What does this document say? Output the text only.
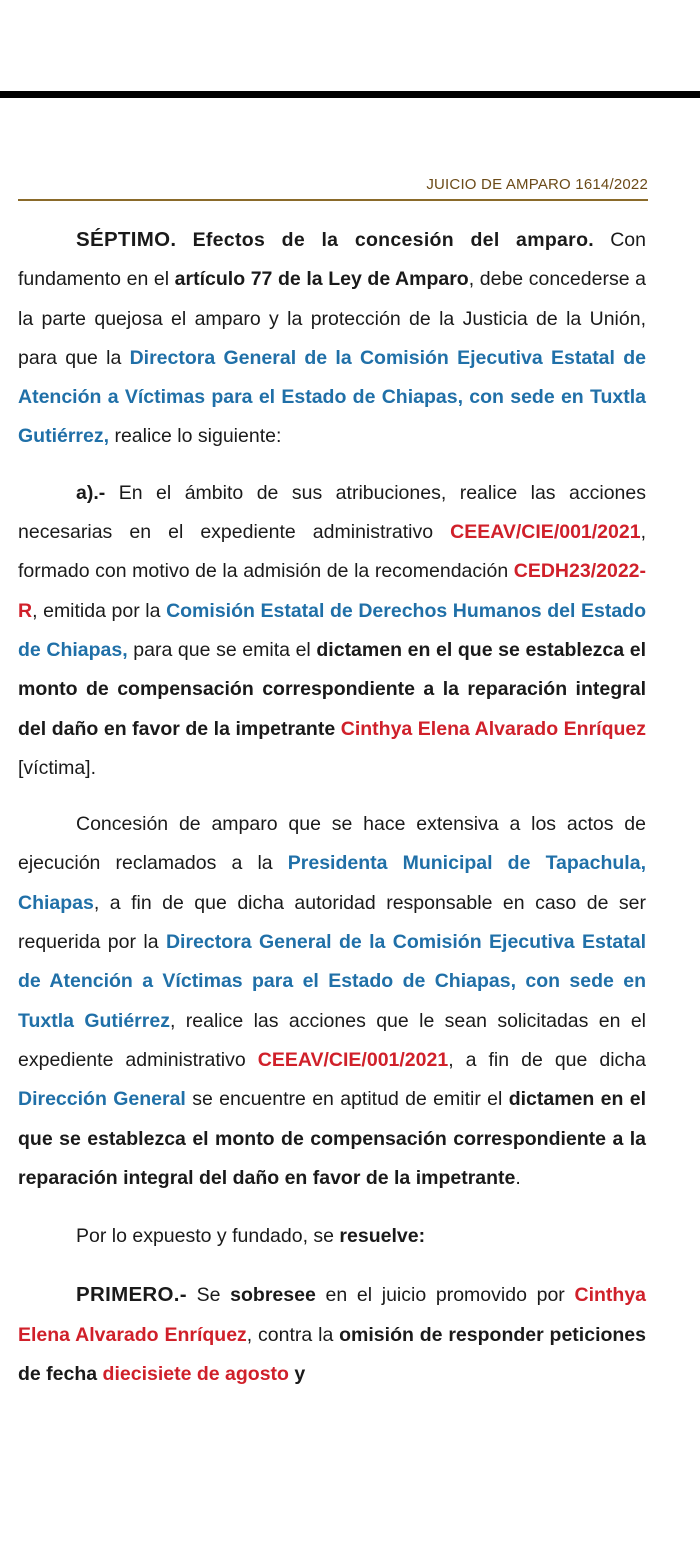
JUICIO DE AMPARO 1614/2022

SÉPTIMO. Efectos de la concesión del amparo. Con fundamento en el artículo 77 de la Ley de Amparo, debe concederse a la parte quejosa el amparo y la protección de la Justicia de la Unión, para que la Directora General de la Comisión Ejecutiva Estatal de Atención a Víctimas para el Estado de Chiapas, con sede en Tuxtla Gutiérrez, realice lo siguiente:

a).- En el ámbito de sus atribuciones, realice las acciones necesarias en el expediente administrativo CEEAV/CIE/001/2021, formado con motivo de la admisión de la recomendación CEDH23/2022-R, emitida por la Comisión Estatal de Derechos Humanos del Estado de Chiapas, para que se emita el dictamen en el que se establezca el monto de compensación correspondiente a la reparación integral del daño en favor de la impetrante Cinthya Elena Alvarado Enríquez [víctima].

Concesión de amparo que se hace extensiva a los actos de ejecución reclamados a la Presidenta Municipal de Tapachula, Chiapas, a fin de que dicha autoridad responsable en caso de ser requerida por la Directora General de la Comisión Ejecutiva Estatal de Atención a Víctimas para el Estado de Chiapas, con sede en Tuxtla Gutiérrez, realice las acciones que le sean solicitadas en el expediente administrativo CEEAV/CIE/001/2021, a fin de que dicha Dirección General se encuentre en aptitud de emitir el dictamen en el que se establezca el monto de compensación correspondiente a la reparación integral del daño en favor de la impetrante.

Por lo expuesto y fundado, se resuelve:

PRIMERO.- Se sobresee en el juicio promovido por Cinthya Elena Alvarado Enríquez, contra la omisión de responder peticiones de fecha diecisiete de agosto y
